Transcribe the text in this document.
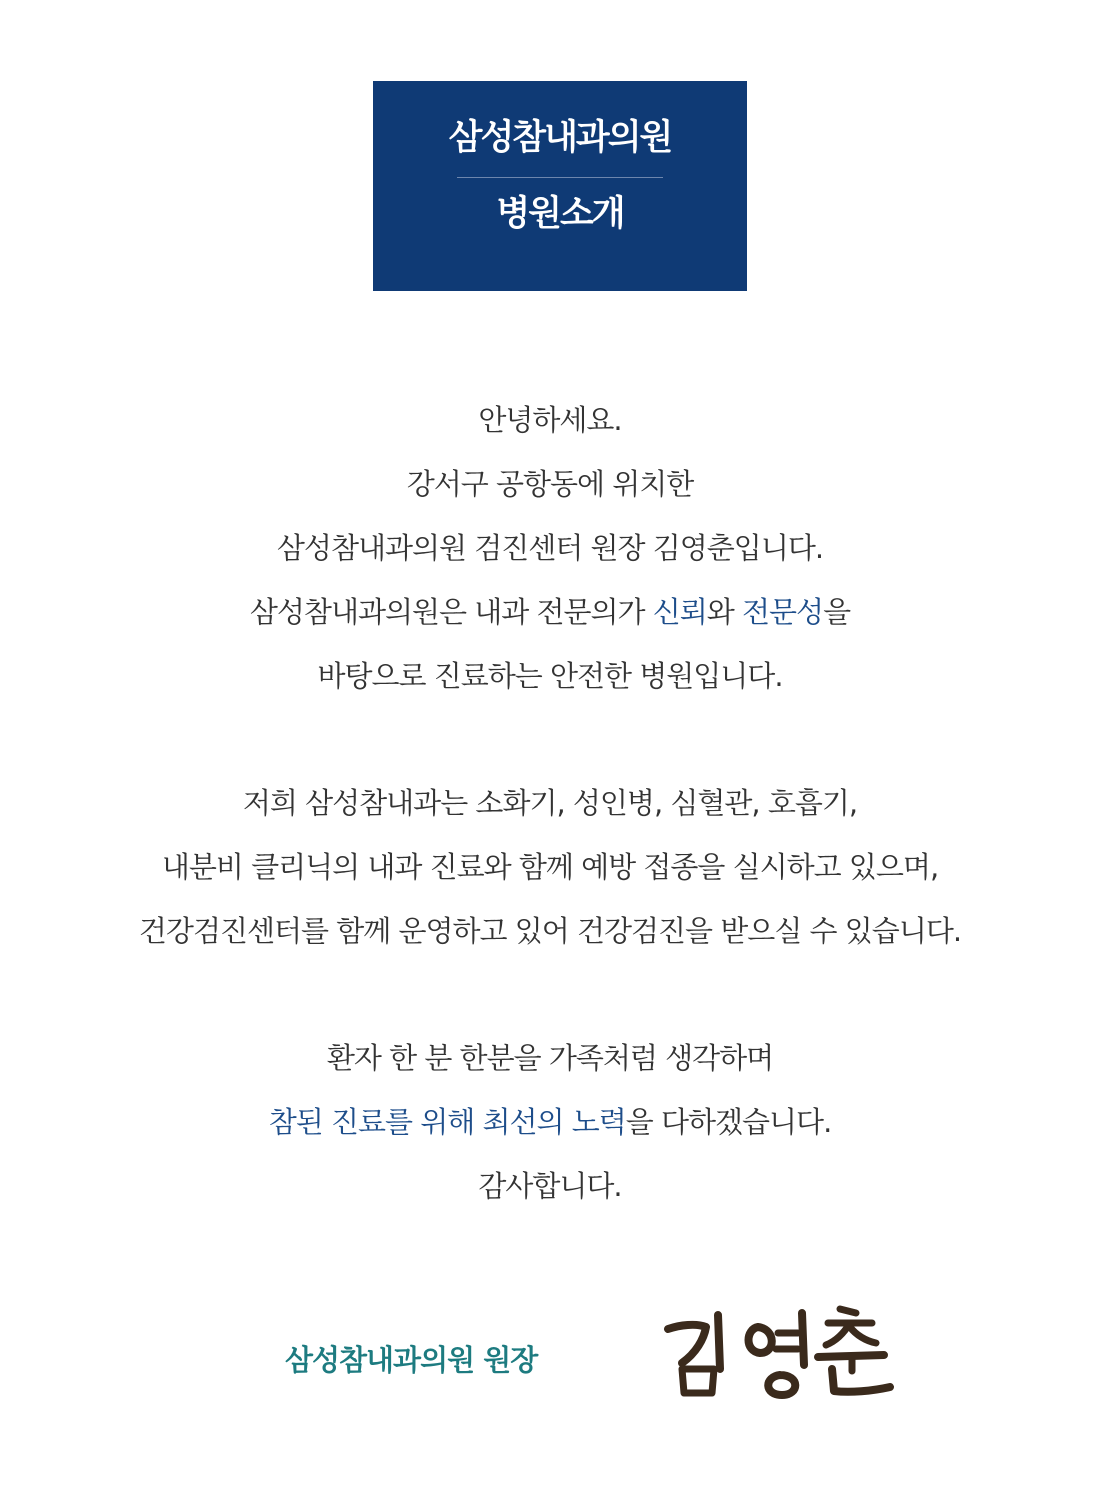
삼성참내과의원
병원소개
안녕하세요.
강서구 공항동에 위치한
삼성참내과의원 검진센터 원장 김영춘입니다.
삼성참내과의원은 내과 전문의가 신뢰와 전문성을
바탕으로 진료하는 안전한 병원입니다.
저희 삼성참내과는 소화기, 성인병, 심혈관, 호흡기,
내분비 클리닉의 내과 진료와 함께 예방 접종을 실시하고 있으며,
건강검진센터를 함께 운영하고 있어 건강검진을 받으실 수 있습니다.
환자 한 분 한분을 가족처럼 생각하며
참된 진료를 위해 최선의 노력을 다하겠습니다.
감사합니다.
삼성참내과의원 원장
